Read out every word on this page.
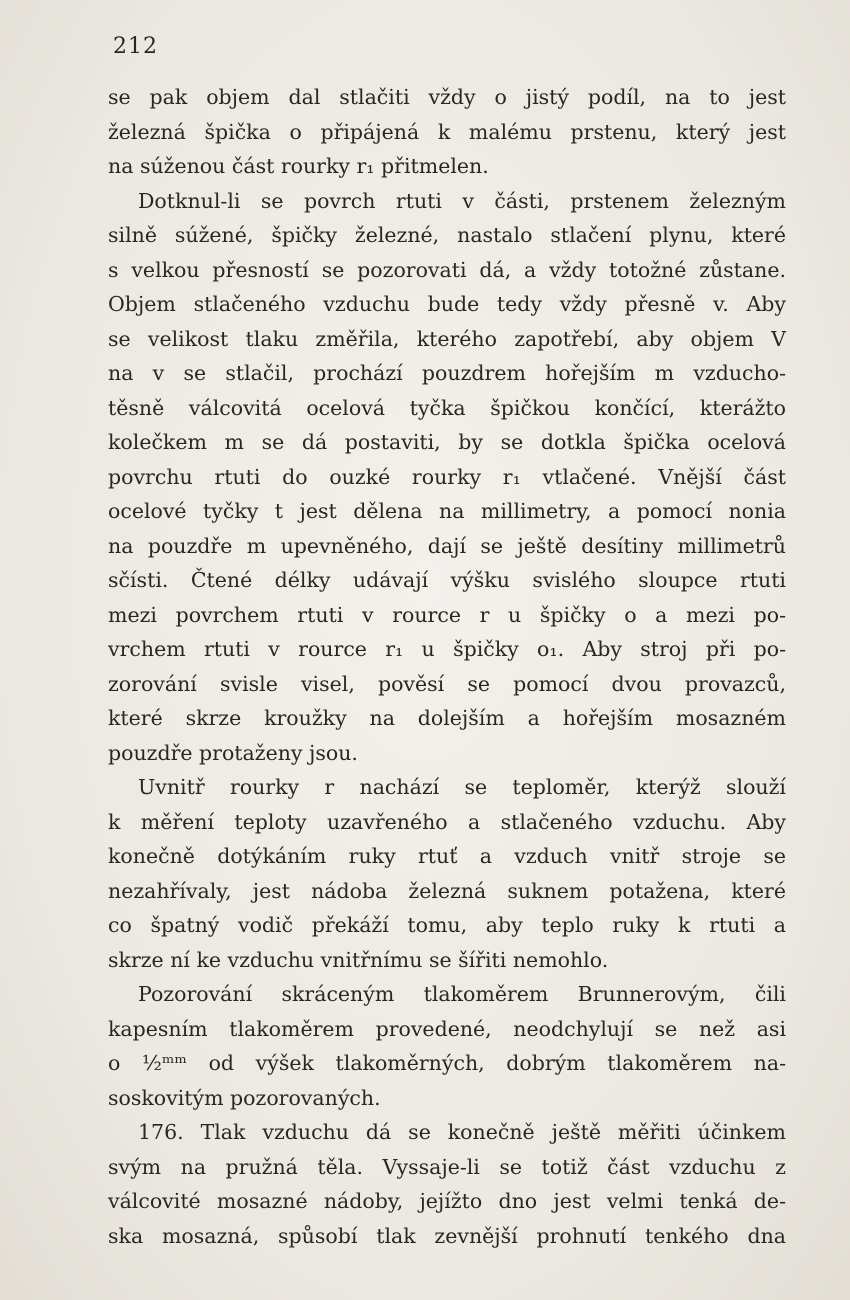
212
se pak objem dal stlačiti vždy o jistý podíl, na to jest
železná špička o připájená k malému prstenu, který jest
na súženou část rourky r₁ přitmelen.
Dotknul-li se povrch rtuti v části, prstenem železným
silně súžené, špičky železné, nastalo stlačení plynu, které
s velkou přesností se pozorovati dá, a vždy totožné zůstane.
Objem stlačeného vzduchu bude tedy vždy přesně v. Aby
se velikost tlaku změřila, kterého zapotřebí, aby objem V
na v se stlačil, prochází pouzdrem hořejším m vzducho-
těsně válcovitá ocelová tyčka špičkou končící, kterážto
kolečkem m se dá postaviti, by se dotkla špička ocelová
povrchu rtuti do ouzké rourky r₁ vtlačené. Vnější část
ocelové tyčky t jest dělena na millimetry, a pomocí nonia
na pouzdře m upevněného, dají se ještě desítiny millimetrů
sčísti. Čtené délky udávají výšku svislého sloupce rtuti
mezi povrchem rtuti v rource r u špičky o a mezi po-
vrchem rtuti v rource r₁ u špičky o₁. Aby stroj při po-
zorování svisle visel, pověsí se pomocí dvou provazců,
které skrze kroužky na dolejším a hořejším mosazném
pouzdře protaženy jsou.
Uvnitř rourky r nachází se teploměr, kterýž slouží
k měření teploty uzavřeného a stlačeného vzduchu. Aby
konečně dotýkáním ruky rtuť a vzduch vnitř stroje se
nezahřívaly, jest nádoba železná suknem potažena, které
co špatný vodič překáží tomu, aby teplo ruky k rtuti a
skrze ní ke vzduchu vnitřnímu se šířiti nemohlo.
Pozorování skráceným tlakoměrem Brunnerovým, čili
kapesním tlakoměrem provedené, neodchylují se než asi
o ½ᵐᵐ od výšek tlakoměrných, dobrým tlakoměrem na-
soskovitým pozorovaných.
176. Tlak vzduchu dá se konečně ještě měřiti účinkem
svým na pružná těla. Vyssaje-li se totiž část vzduchu z
válcovité mosazné nádoby, jejížto dno jest velmi tenká de-
ska mosazná, spůsobí tlak zevnější prohnutí tenkého dna
